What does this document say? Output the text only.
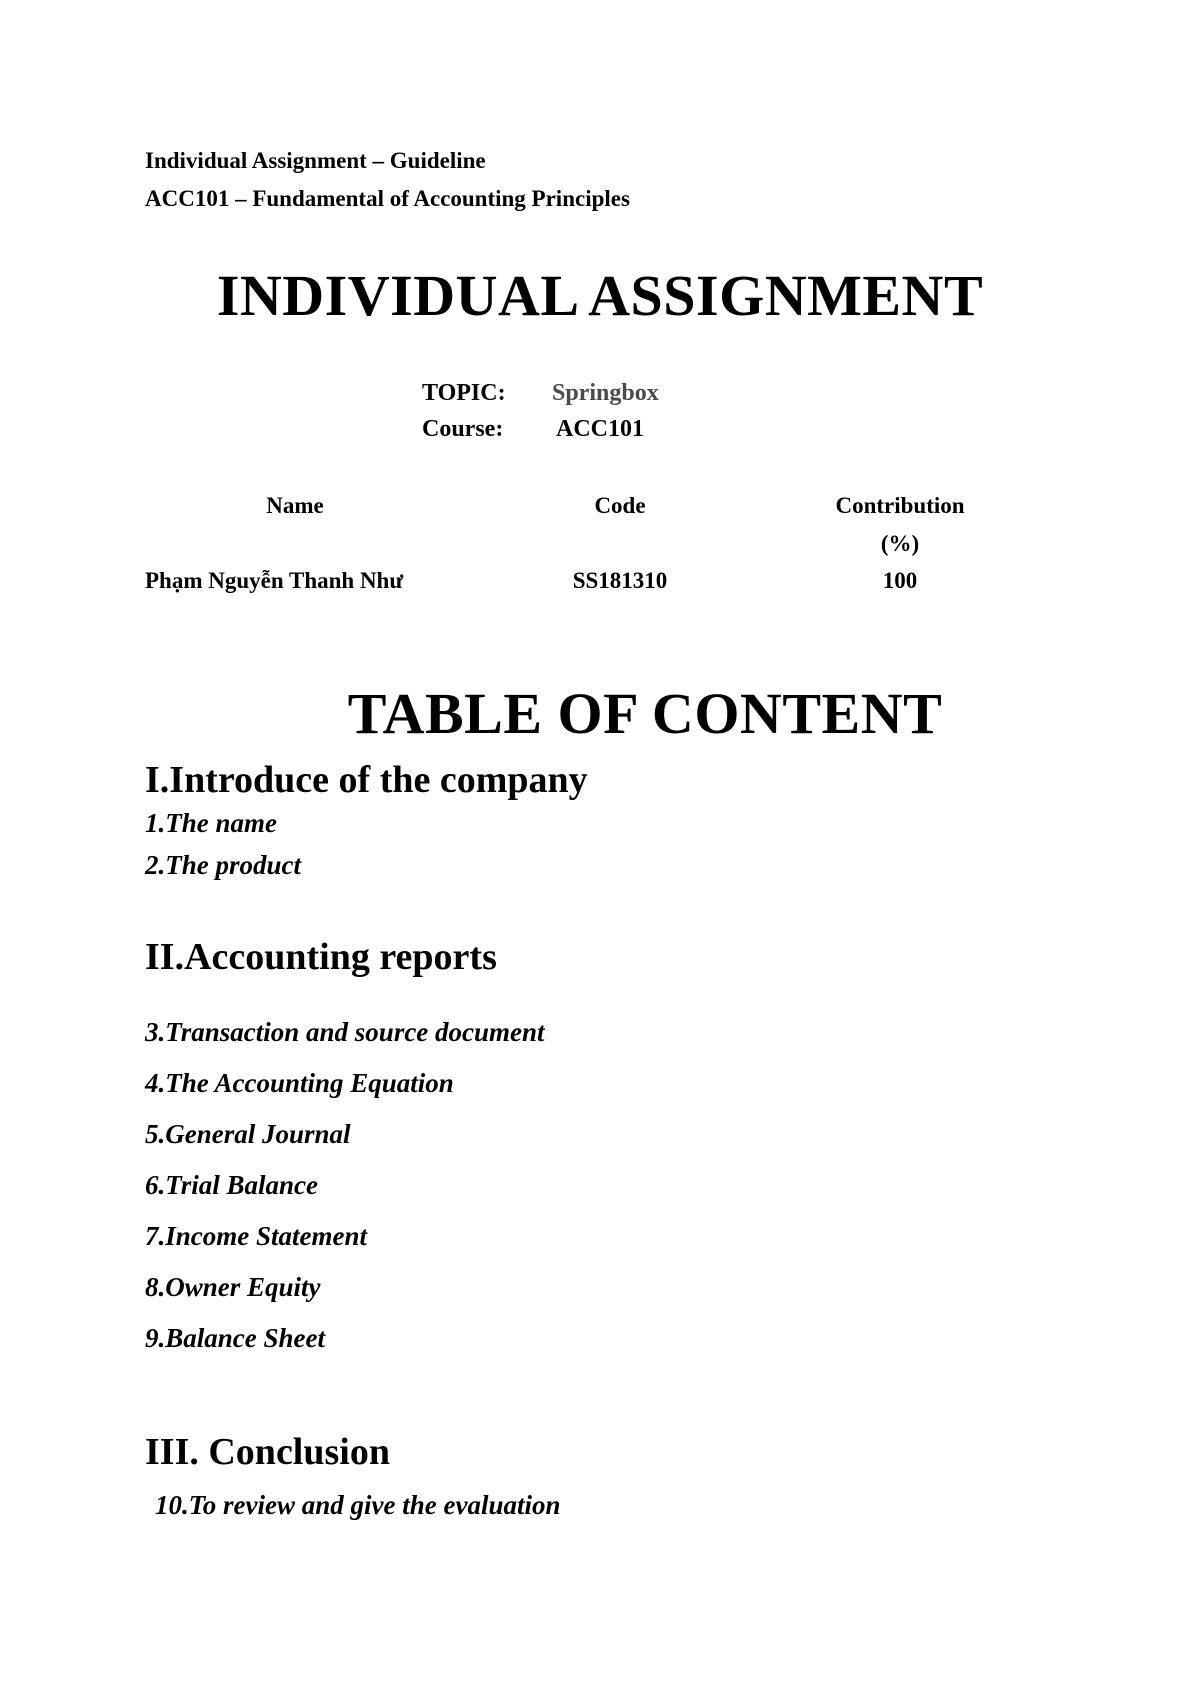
Individual Assignment – Guideline
ACC101 – Fundamental of Accounting Principles
INDIVIDUAL ASSIGNMENT
TOPIC: Springbox
Course: ACC101
Name	Code	Contribution
(%)
Phạm Nguyễn Thanh Như	SS181310	100
TABLE OF CONTENT
I.Introduce of the company
1.The name
2.The product
II.Accounting reports
3.Transaction and source document
4.The Accounting Equation
5.General Journal
6.Trial Balance
7.Income Statement
8.Owner Equity
9.Balance Sheet
III. Conclusion
10.To review and give the evaluation
